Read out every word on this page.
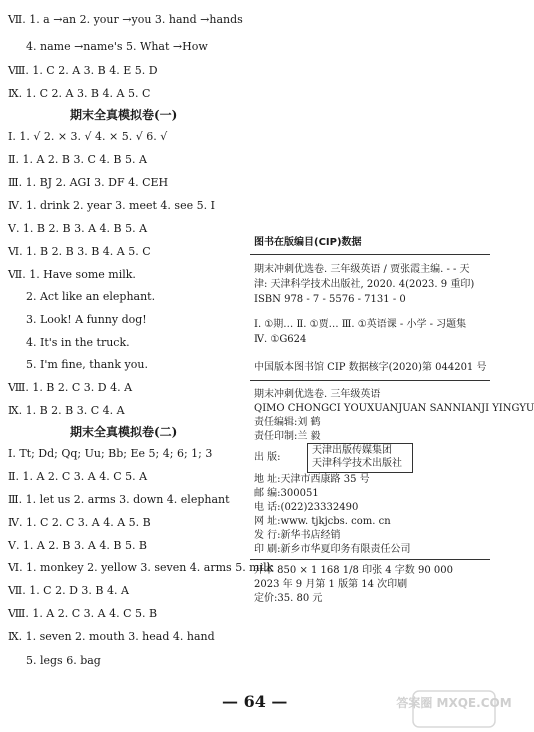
Ⅶ. 1. a →an 2. your →you 3. hand →hands
4. name →name's 5. What →How
Ⅷ. 1. C 2. A 3. B 4. E 5. D
Ⅸ. 1. C 2. A 3. B 4. A 5. C
Ⅰ. 1. √ 2. × 3. √ 4. × 5. √ 6. √
Ⅱ. 1. A 2. B 3. C 4. B 5. A
Ⅲ. 1. BJ 2. AGI 3. DF 4. CEH
Ⅳ. 1. drink 2. year 3. meet 4. see 5. I
Ⅴ. 1. B 2. B 3. A 4. B 5. A
Ⅵ. 1. B 2. B 3. B 4. A 5. C
Ⅶ. 1. Have some milk.
2. Act like an elephant.
3. Look! A funny dog!
4. It's in the truck.
5. I'm fine, thank you.
Ⅷ. 1. B 2. C 3. D 4. A
Ⅸ. 1. B 2. B 3. C 4. A
Ⅰ. Tt; Dd; Qq; Uu; Bb; Ee 5; 4; 6; 1; 3
Ⅱ. 1. A 2. C 3. A 4. C 5. A
Ⅲ. 1. let us 2. arms 3. down 4. elephant
Ⅳ. 1. C 2. C 3. A 4. A 5. B
Ⅴ. 1. A 2. B 3. A 4. B 5. B
Ⅵ. 1. monkey 2. yellow 3. seven 4. arms 5. milk
Ⅶ. 1. C 2. D 3. B 4. A
Ⅷ. 1. A 2. C 3. A 4. C 5. B
Ⅸ. 1. seven 2. mouth 3. head 4. hand
5. legs 6. bag
期末全真模拟卷(一)
期末全真模拟卷(二)
图书在版编目(CIP)数据
期末冲刺优选卷. 三年级英语 / 贾张霞主编. - - 天
津: 天津科学技术出版社, 2020. 4(2023. 9 重印)
ISBN 978 - 7 - 5576 - 7131 - 0
Ⅰ. ①期… Ⅱ. ①贾… Ⅲ. ①英语课 - 小学 - 习题集
Ⅳ. ①G624
中国版本图书馆 CIP 数据核字(2020)第 044201 号
期末冲刺优选卷. 三年级英语
QIMO CHONGCI YOUXUANJUAN SANNIANJI YINGYU
责任编辑:刘 鹤
责任印制:兰 毅
出 版:
天津出版传媒集团
天津科学技术出版社
地 址:天津市西康路 35 号
邮 编:300051
电 话:(022)23332490
网 址:www. tjkjcbs. com. cn
发 行:新华书店经销
印 刷:新乡市华夏印务有限责任公司
开本 850 × 1 168 1/8 印张 4 字数 90 000
2023 年 9 月第 1 版第 14 次印刷
定价:35. 80 元
— 64 —	答案圈 MXQE.COM
